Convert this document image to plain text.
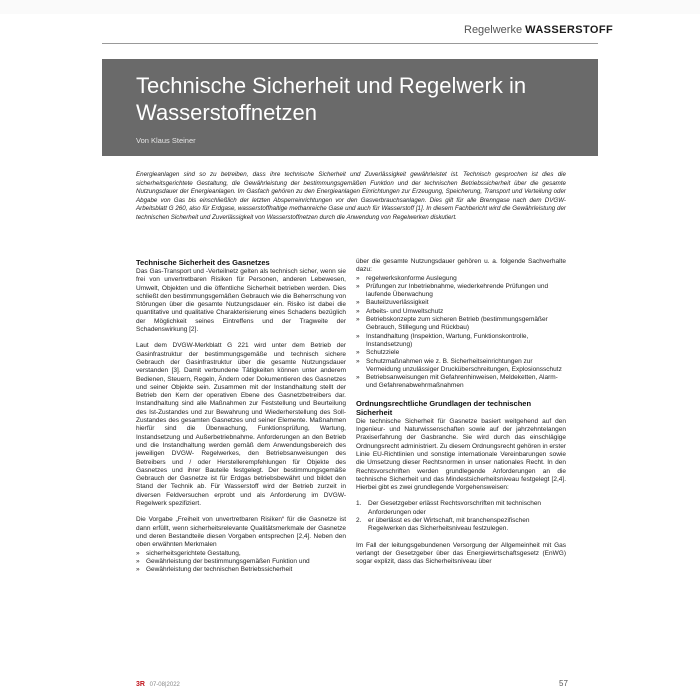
Regelwerke WASSERSTOFF
Technische Sicherheit und Regelwerk in Wasserstoffnetzen
Von Klaus Steiner
Energieanlagen sind so zu betreiben, dass ihre technische Sicherheit und Zuverlässigkeit gewährleistet ist. Technisch gesprochen ist dies die sicherheitsgerichtete Gestaltung, die Gewährleistung der bestimmungsgemäßen Funktion und der technischen Betriebssicherheit über die gesamte Nutzungsdauer der Energieanlagen. Im Gasfach gehören zu den Energieanlagen Einrichtungen zur Erzeugung, Speicherung, Transport und Verteilung oder Abgabe von Gas bis einschließlich der letzten Absperreinrichtungen vor den Gasverbrauchsanlagen. Dies gilt für alle Brenngase nach dem DVGW-Arbeitsblatt G 260, also für Erdgase, wasserstoffhaltige methanreiche Gase und auch für Wasserstoff [1]. In diesem Fachbericht wird die Gewährleistung der technischen Sicherheit und Zuverlässigkeit von Wasserstoffnetzen durch die Anwendung von Regelwerken diskutiert.
Technische Sicherheit des Gasnetzes

Das Gas-Transport und -Verteilnetz gelten als technisch sicher, wenn sie frei von unvertretbaren Risiken für Personen, anderen Lebewesen, Umwelt, Objekten und die öffentliche Sicherheit betrieben werden. Dies schließt den bestimmungsgemäßen Gebrauch wie die Beherrschung von Störungen über die gesamte Nutzungsdauer ein. Risiko ist dabei die quantitative und qualitative Charakterisierung eines Schadens bezüglich der Möglichkeit seines Eintreffens und der Tragweite der Schadenswirkung [2].

Laut dem DVGW-Merkblatt G 221 wird unter dem Betrieb der Gasinfrastruktur der bestimmungsgemäße und technisch sichere Gebrauch der Gasinfrastruktur über die gesamte Nutzungsdauer verstanden [3]. Damit verbundene Tätigkeiten können unter anderem Bedienen, Steuern, Regeln, Ändern oder Dokumentieren des Gasnetzes und seiner Objekte sein. Zusammen mit der Instandhaltung stellt der Betrieb den Kern der operativen Ebene des Gasnetzbetreibers dar. Instandhaltung sind alle Maßnahmen zur Feststellung und Beurteilung des Ist-Zustandes und zur Bewahrung und Wiederherstellung des Soll-Zustandes des gesamten Gasnetzes und seiner Elemente. Maßnahmen hierfür sind die Überwachung, Funktionsprüfung, Wartung, Instandsetzung und Außerbetriebnahme. Anforderungen an den Betrieb und die Instandhaltung werden gemäß dem Anwendungsbereich des jeweiligen DVGW- Regelwerkes, den Betriebsanweisungen des Betreibers und / oder Herstellerempfehlungen für Objekte des Gasnetzes und ihrer Bauteile festgelegt. Der bestimmungsgemäße Gebrauch der Gasnetze ist für Erdgas betriebsbewährt und bildet den Stand der Technik ab. Für Wasserstoff wird der Betrieb zurzeit in diversen Feldversuchen erprobt und als Anforderung im DVGW-Regelwerk spezifiziert.

Die Vorgabe „Freiheit von unvertretbaren Risiken“ für die Gasnetze ist dann erfüllt, wenn sicherheitsrelevante Qualitätsmerkmale der Gasnetze und deren Bestandteile diesen Vorgaben entsprechen [2,4]. Neben den oben erwähnten Merkmalen

» sicherheitsgerichtete Gestaltung,
» Gewährleistung der bestimmungsgemäßen Funktion und
» Gewährleistung der technischen Betriebssicherheit

über die gesamte Nutzungsdauer gehören u. a. folgende Sachverhalte dazu:

» regelwerkskonforme Auslegung
» Prüfungen zur Inbetriebnahme, wiederkehrende Prüfungen und laufende Überwachung
» Bauteilzuverlässigkeit
» Arbeits- und Umweltschutz
» Betriebskonzepte zum sicheren Betrieb (bestimmungsgemäßer Gebrauch, Stillegung und Rückbau)
» Instandhaltung (Inspektion, Wartung, Funktionskontrolle, Instandsetzung)
» Schutzziele
» Schutzmaßnahmen wie z. B. Sicherheitseinrichtungen zur Vermeidung unzulässiger Drucküberschreitungen, Explosionsschutz
» Betriebsanweisungen mit Gefahrenhinweisen, Meldeketten, Alarm- und Gefahrenabwehrmaßnahmen
Ordnungsrechtliche Grundlagen der technischen Sicherheit

Die technische Sicherheit für Gasnetze basiert weitgehend auf den Ingenieur- und Naturwissenschaften sowie auf der jahrzehntelangen Praxiserfahrung der Gasbranche. Sie wird durch das einschlägige Ordnungsrecht administriert. Zu diesem Ordnungsrecht gehören in erster Linie EU-Richtlinien und sonstige internationale Vereinbarungen sowie die Umsetzung dieser Rechtsnormen in unser nationales Recht. In den Rechtsvorschriften werden grundlegende Anforderungen an die technische Sicherheit und das Mindestsicherheitsniveau festgelegt [2,4]. Hierbei gibt es zwei grundlegende Vorgehensweisen:

1. Der Gesetzgeber erlässt Rechtsvorschriften mit technischen Anforderungen oder
2. er überlässt es der Wirtschaft, mit branchenspezifischen Regelwerken das Sicherheitsniveau festzulegen.

Im Fall der leitungsgebundenen Versorgung der Allgemeinheit mit Gas verlangt der Gesetzgeber über das Energiewirtschaftsgesetz (EnWG) sogar explizit, dass das Sicherheitsniveau über

3R 07-08|2022	57
